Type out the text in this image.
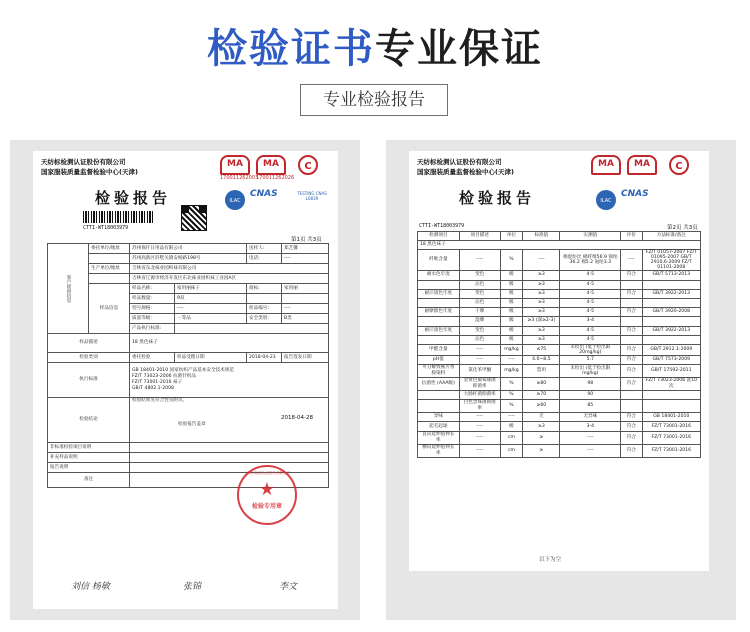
检验证书专业保证
专业检验报告
天纺标检测认证股份有限公司
国家服装质量监督检验中心(天津)
MA
170011262003
MA
170011262026
C
ILAC
CNAS	TESTING CNAS L0839
检验报告
CTTI-WT18003979
第1页 共3页
客户提供信息	委托单位/地址	苏州保仟日用品有限公司		送样人:	郑艺馨
		苏州高新区浒墅关镇安杨路198号		电话:	----
	生产单位/地址	吉林省东北袜业园织袜有限公司			
		吉林省辽源市经济开发区东北袜业园织袜工业园A区			
	样品信息	样品名称:	家用丽袜子	商标:	家用丽
		样品数量:	9双		
		型号规格:	----	样品编号:	----
		质量等级:	一等品	安全类别:	B类
		产品执行标准:			
样品描述		18 黑色袜子			
检验类别		委托检验	样品受理日期	2018-04-23	报告签发日期
执行标准		GB 18401-2010 国家纺织产品基本安全技术规范
FZ/T 73023-2006 抗菌针织品
FZ/T 73001-2016 袜子
GB/T 4802.1-2008			

检验结论		检验结果见符合性见附页。
检验报告盖章			

非标准检验项目说明					
补充样品说明					
报告说明					
备注					
2018-04-28
天纺标检测认证股份有限公司
★
检验专用章
刘信 杨敏	张锦	李文
天纺标检测认证股份有限公司
国家服装质量监督检验中心(天津)
MA	MA	C
ILAC
CNAS
检验报告
CTTI-WT18003979	第2页 共3页
检测项目	项目描述	单位	标准值	实测值	评价	方法标准/备注
18 黑色袜子						
纤维含量	----	%	----	棉混纺比 棉纤维56.9 锦纶36.2 棉5.2 氨纶3.3	----	FZ/T 01057-2007 FZ/T 01095-2007 GB/T 2910.6-2009 FZ/T 01101-2008
耐水色牢度	变色	级	≥3	4-5	符合	GB/T 5713-2013
	沾色	级	≥3	4-5		
耐汗渍色牢度	变色	级	≥3	4-5	符合	GB/T 3922-2013
	沾色	级	≥3	4-5		
耐摩擦色牢度	干摩	级	≥3	4-5	符合	GB/T 3920-2008
	湿摩	级	≥3 (深≥2-3)	3-4		
耐汗渍色牢度	变色	级	≥3	4-5	符合	GB/T 3922-2013
	沾色	级	≥3	4-5		
甲醛含量	----	mg/kg	≤75	未检出 (低于检出限20mg/kg)	符合	GB/T 2912.1-2009
pH值	----	----	4.0~8.5	5.7	符合	GB/T 7573-2009
可分解致癌芳香胺染料	氯化苯甲醚	mg/kg	禁用	未检出 (低于检出限mg/kg)	符合	GB/T 17592-2011
抗菌性 (AAA级)	金黄色葡萄球菌抑菌率	%	≥80	98	符合	FZ/T 73023-2006 洗10次
	大肠杆菌抑菌率	%	≥70	90		
	白色念珠菌抑菌率	%	≥60	85		
异味	----	----	无	无异味	符合	GB 18401-2010
起毛起球	----	级	≥3	3-4	符合	FZ/T 73001-2016
直向延伸值伸长率	----	cm	≥	----	符合	FZ/T 73001-2016
横向延伸值伸长率	----	cm	≥	----	符合	FZ/T 73001-2016
以下为空
